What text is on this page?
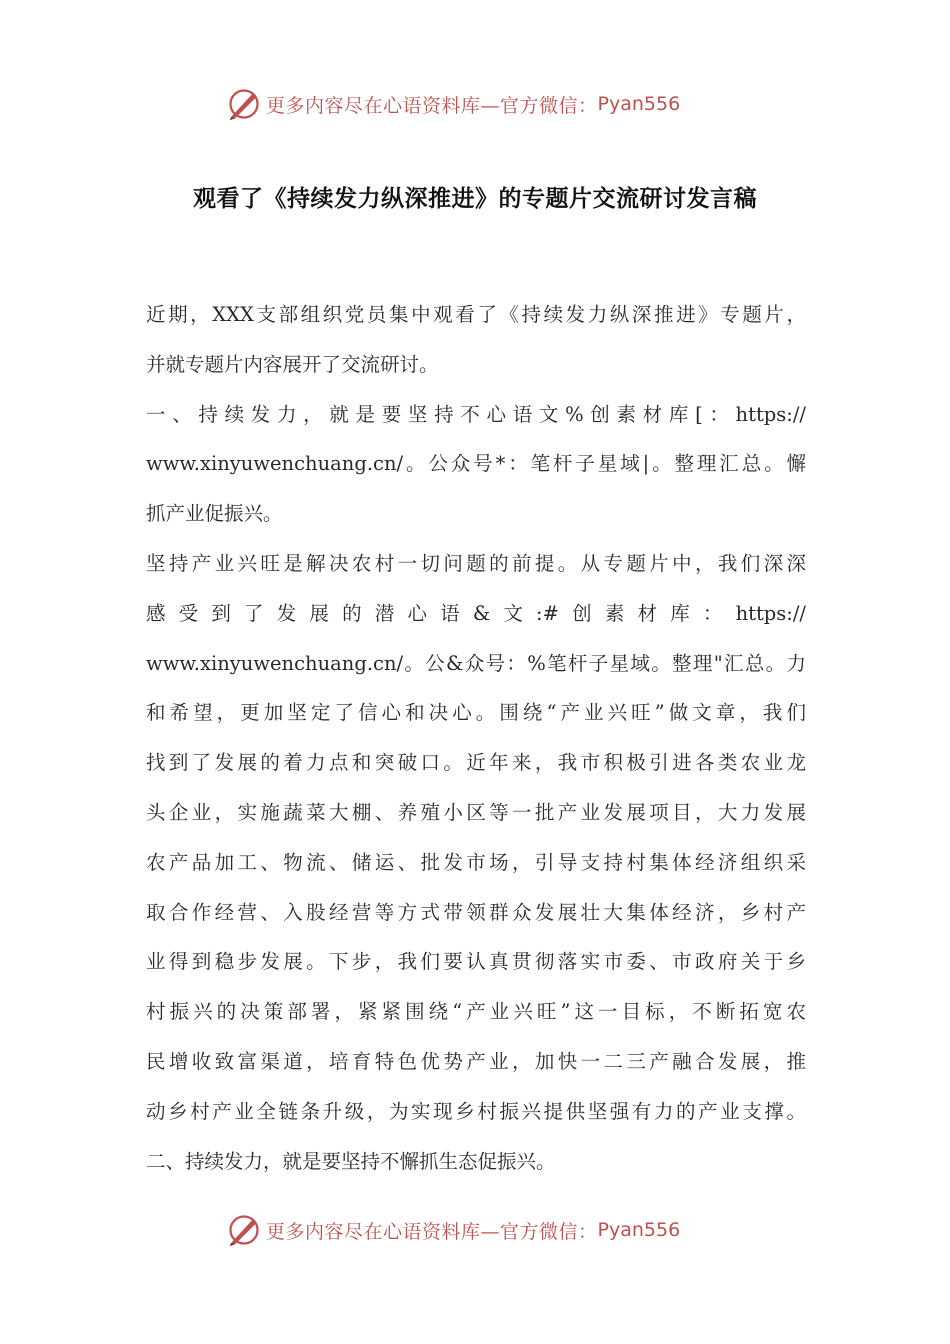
更多内容尽在心语资料库—官方微信： Pyan556
观看了《持续发力纵深推进》的专题片交流研讨发言稿
近期，XXX支部组织党员集中观看了《持续发力纵深推进》专题片，
并就专题片内容展开了交流研讨。
一、持续发力，就是要坚持不心语文%创素材库[：https://
www.xinyuwenchuang.cn/。公众号*：笔杆子星域|。整理汇总。懈
抓产业促振兴。
坚持产业兴旺是解决农村一切问题的前提。从专题片中，我们深深
感受到了发展的潜心语&文:#创素材库：https://
www.xinyuwenchuang.cn/。公&众号：%笔杆子星域。整理"汇总。力
和希望，更加坚定了信心和决心。围绕“产业兴旺”做文章，我们
找到了发展的着力点和突破口。近年来，我市积极引进各类农业龙
头企业，实施蔬菜大棚、养殖小区等一批产业发展项目，大力发展
农产品加工、物流、储运、批发市场，引导支持村集体经济组织采
取合作经营、入股经营等方式带领群众发展壮大集体经济，乡村产
业得到稳步发展。下步，我们要认真贯彻落实市委、市政府关于乡
村振兴的决策部署，紧紧围绕“产业兴旺”这一目标，不断拓宽农
民增收致富渠道，培育特色优势产业，加快一二三产融合发展，推
动乡村产业全链条升级，为实现乡村振兴提供坚强有力的产业支撑。
二、持续发力，就是要坚持不懈抓生态促振兴。
更多内容尽在心语资料库—官方微信： Pyan556
